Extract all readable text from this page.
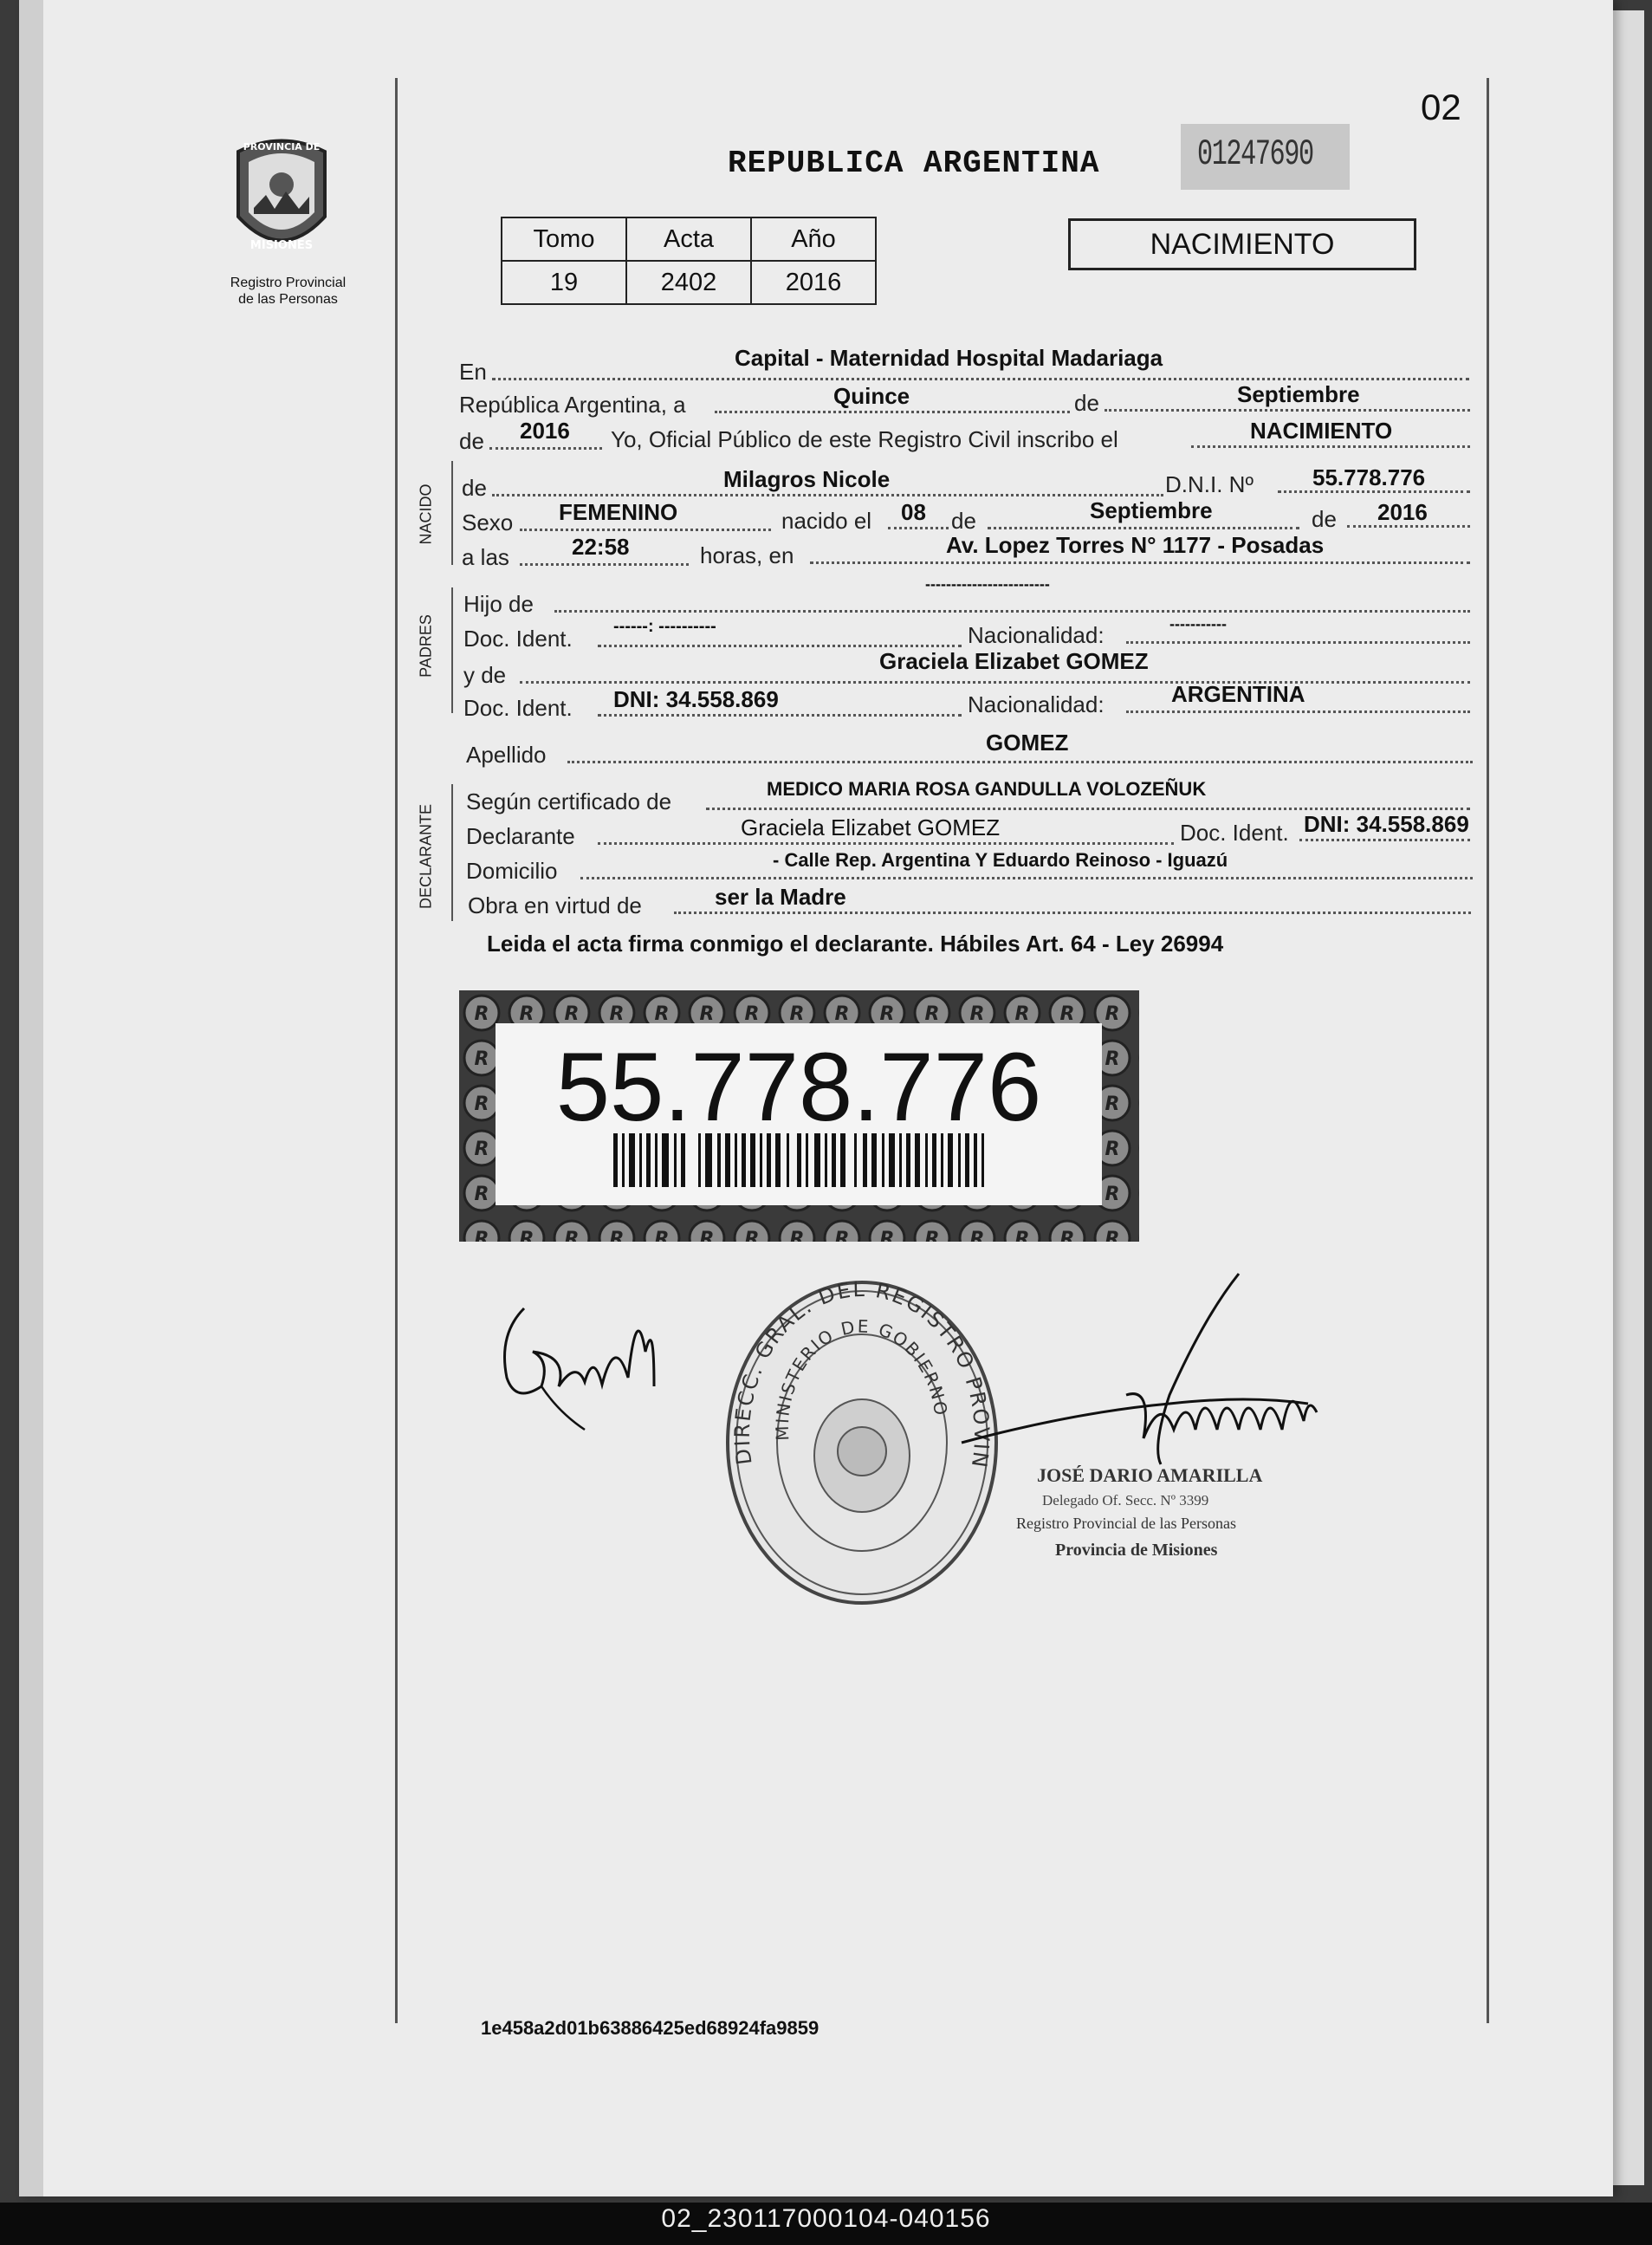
PROVINCIA DE
MISIONES
Registro Provincial
de las Personas
02
REPUBLICA ARGENTINA	01247690
Tomo	Acta	Año
19	2402	2016
NACIMIENTO
En
Capital - Maternidad Hospital Madariaga
República Argentina, a	Quince	de	Septiembre
de 2016 Yo, Oficial Público de este Registro Civil inscribo el	NACIMIENTO
NACIDO de	Milagros Nicole	D.N.I. Nº	55.778.776
Sexo FEMENINO	nacido el 08 de	Septiembre	de 2016
a las	22:58	horas, en	Av. Lopez Torres N° 1177 - Posadas
PADRES
Hijo de
------------------------
Doc. Ident. ------: ----------	Nacionalidad:	-----------
y de
Graciela Elizabet GOMEZ
Doc. Ident. DNI: 34.558.869	Nacionalidad:	ARGENTINA
Apellido	GOMEZ
DECLARANTE
Según certificado de	MEDICO MARIA ROSA GANDULLA VOLOZEÑUK
Declarante	Graciela Elizabet GOMEZ	Doc. Ident. DNI: 34.558.869
Domicilio	- Calle Rep. Argentina Y Eduardo Reinoso - Iguazú
Obra en virtud de	ser la Madre
Leida el acta firma conmigo el declarante. Hábiles Art. 64 - Ley 26994
55.778.776
DIRECC. GRAL. DEL REGISTRO PROVIN
MINISTERIO DE GOBIERNO
JOSÉ DARIO AMARILLA
Delegado Of. Secc. Nº 3399
Registro Provincial de las Personas
Provincia de Misiones
1e458a2d01b63886425ed68924fa9859
02_230117000104-040156
